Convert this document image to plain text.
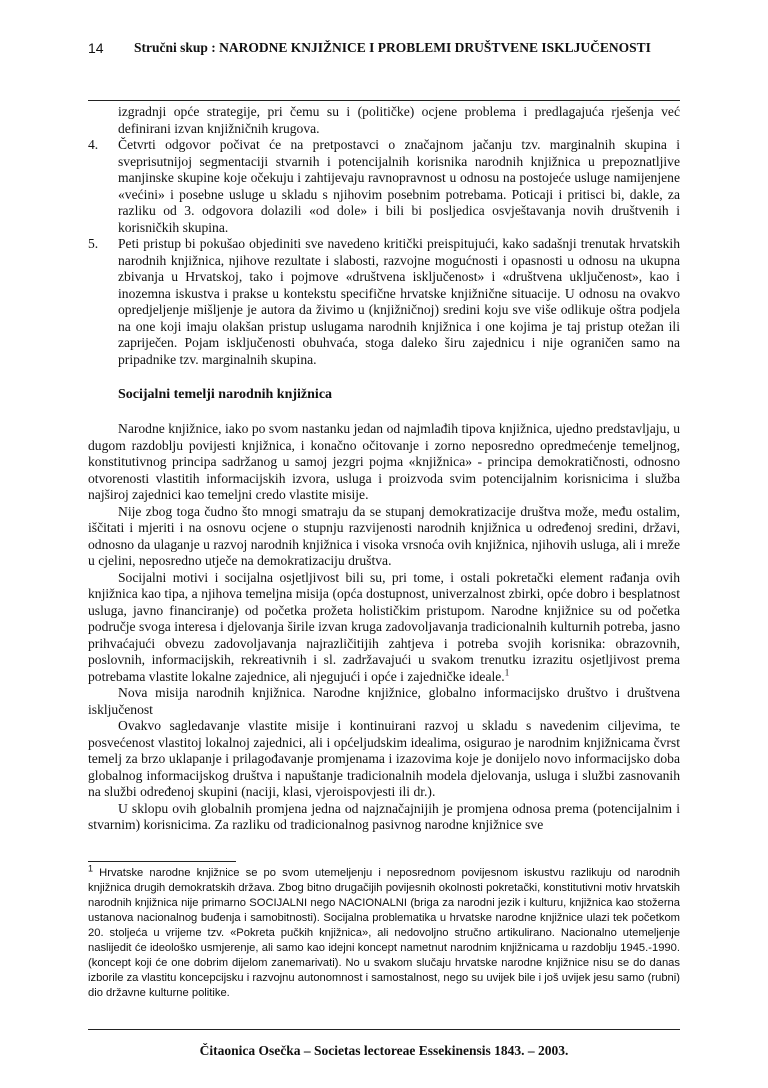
14 Stručni skup : NARODNE KNJIŽNICE I PROBLEMI DRUŠTVENE ISKLJUČENOSTI
izgradnji opće strategije, pri čemu su i (političke) ocjene problema i predlagajuća rješenja već definirani izvan knjižničnih krugova.
4. Četvrti odgovor počivat će na pretpostavci o značajnom jačanju tzv. marginalnih skupina i sveprisutnijoj segmentaciji stvarnih i potencijalnih korisnika narodnih knjižnica u prepoznatljive manjinske skupine koje očekuju i zahtijevaju ravnopravnost u odnosu na postojeće usluge namijenjene «većini» i posebne usluge u skladu s njihovim posebnim potrebama. Poticaji i pritisci bi, dakle, za razliku od 3. odgovora dolazili «od dole» i bili bi posljedica osvještavanja novih društvenih i korisničkih skupina.
5. Peti pristup bi pokušao objediniti sve navedeno kritički preispitujući, kako sadašnji trenutak hrvatskih narodnih knjižnica, njihove rezultate i slabosti, razvojne mogućnosti i opasnosti u odnosu na ukupna zbivanja u Hrvatskoj, tako i pojmove «društvena isključenost» i «društvena uključenost», kao i inozemna iskustva i prakse u kontekstu specifične hrvatske knjižnične situacije. U odnosu na ovakvo opredjeljenje mišljenje je autora da živimo u (knjižničnoj) sredini koju sve više odlikuje oštra podjela na one koji imaju olakšan pristup uslugama narodnih knjižnica i one kojima je taj pristup otežan ili zapriječen. Pojam isključenosti obuhvaća, stoga daleko širu zajednicu i nije ograničen samo na pripadnike tzv. marginalnih skupina.
Socijalni temelji narodnih knjižnica

Narodne knjižnice, iako po svom nastanku jedan od najmlađih tipova knjižnica, ujedno predstavljaju, u dugom razdoblju povijesti knjižnica, i konačno očitovanje i zorno neposredno opredmećenje temeljnog, konstitutivnog principa sadržanog u samoj jezgri pojma «knjižnica» - principa demokratičnosti, odnosno otvorenosti vlastitih informacijskih izvora, usluga i proizvoda svim potencijalnim korisnicima i služba najširoj zajednici kao temeljni credo vlastite misije.

Nije zbog toga čudno što mnogi smatraju da se stupanj demokratizacije društva može, među ostalim, iščitati i mjeriti i na osnovu ocjene o stupnju razvijenosti narodnih knjižnica u određenoj sredini, državi, odnosno da ulaganje u razvoj narodnih knjižnica i visoka vrsnoća ovih knjižnica, njihovih usluga, ali i mreže u cjelini, neposredno utječe na demokratizaciju društva.

Socijalni motivi i socijalna osjetljivost bili su, pri tome, i ostali pokretački element rađanja ovih knjižnica kao tipa, a njihova temeljna misija (opća dostupnost, univerzalnost zbirki, opće dobro i besplatnost usluga, javno financiranje) od početka prožeta holističkim pristupom. Narodne knjižnice su od početka područje svoga interesa i djelovanja širile izvan kruga zadovoljavanja tradicionalnih kulturnih potreba, jasno prihvaćajući obvezu zadovoljavanja najrazličitijih zahtjeva i potreba svojih korisnika: obrazovnih, poslovnih, informacijskih, rekreativnih i sl. zadržavajući u svakom trenutku izrazitu osjetljivost prema potrebama vlastite lokalne zajednice, ali njegujući i opće i zajedničke ideale.$^1$

Nova misija narodnih knjižnica. Narodne knjižnice, globalno informacijsko društvo i društvena isključenost

Ovakvo sagledavanje vlastite misije i kontinuirani razvoj u skladu s navedenim ciljevima, te posvećenost vlastitoj lokalnoj zajednici, ali i općeljudskim idealima, osigurao je narodnim knjižnicama čvrst temelj za brzo uklapanje i prilagođavanje promjenama i izazovima koje je donijelo novo informacijsko doba globalnog informacijskog društva i napuštanje tradicionalnih modela djelovanja, usluga i službi zasnovanih na službi određenoj skupini (naciji, klasi, vjeroispovjesti ili dr.).

U sklopu ovih globalnih promjena jedna od najznačajnijih je promjena odnosa prema (potencijalnim i stvarnim) korisnicima. Za razliku od tradicionalnog pasivnog narodne knjižnice sve

$^1$ Hrvatske narodne knjižnice se po svom utemeljenju i neposrednom povijesnom iskustvu razlikuju od narodnih knjižnica drugih demokratskih država. Zbog bitno drugačijih povijesnih okolnosti pokretački, konstitutivni motiv hrvatskih narodnih knjižnica nije primarno SOCIJALNI nego NACIONALNI (briga za narodni jezik i kulturu, knjižnica kao stožerna ustanova nacionalnog buđenja i samobitnosti). Socijalna problematika u hrvatske narodne knjižnice ulazi tek početkom 20. stoljeća u vrijeme tzv. «Pokreta pučkih knjižnica», ali nedovoljno stručno artikulirano. Nacionalno utemeljenje naslijedit će ideološko usmjerenje, ali samo kao idejni koncept nametnut narodnim knjižnicama u razdoblju 1945.-1990. (koncept koji će one dobrim dijelom zanemarivati). No u svakom slučaju hrvatske narodne knjižnice nisu se do danas izborile za vlastitu koncepcijsku i razvojnu autonomnost i samostalnost, nego su uvijek bile i još uvijek jesu samo (rubni) dio državne kulturne politike.
Čitaonica Osečka – Societas lectoreae Essekinensis 1843. – 2003.
